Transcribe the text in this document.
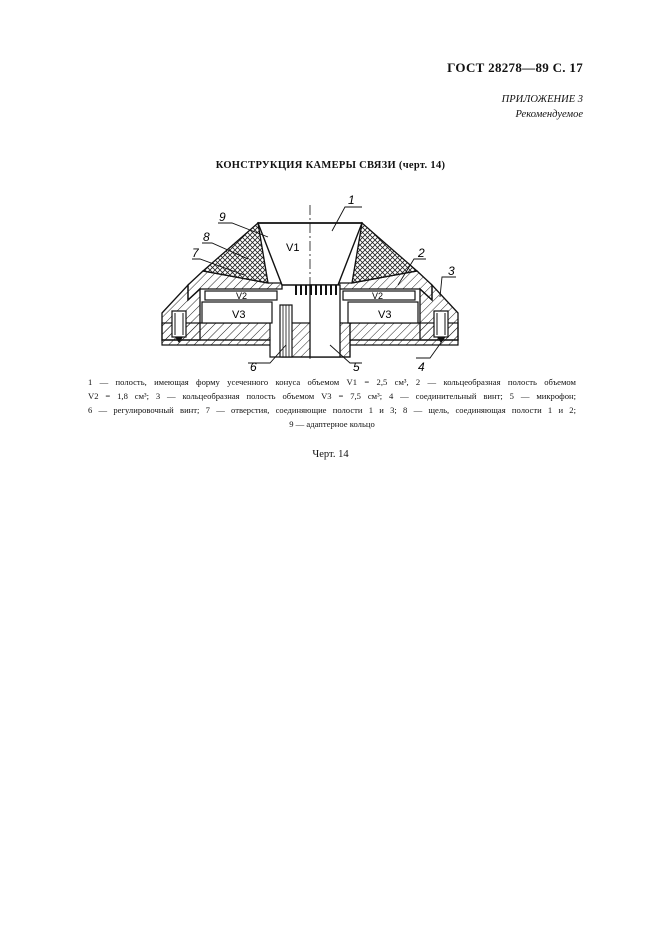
ГОСТ 28278—89 С. 17
ПРИЛОЖЕНИЕ 3
Рекомендуемое
КОНСТРУКЦИЯ КАМЕРЫ СВЯЗИ (черт. 14)
V1
V2	V2
V3	V3
1
9
8
7	2
3
4
6	5
1 — полость, имеющая форму усеченного конуса объемом V1 = 2,5 см³, 2 — кольцеобразная полость объемом
V2 = 1,8 см³; 3 — кольцеобразная полость объемом V3 = 7,5 см³; 4 — соединительный винт; 5 — микрофон;
6 — регулировочный винт; 7 — отверстия, соединяющие полости 1 и 3; 8 — щель, соединяющая полости 1 и 2;
9 — адаптерное кольцо
Черт. 14
